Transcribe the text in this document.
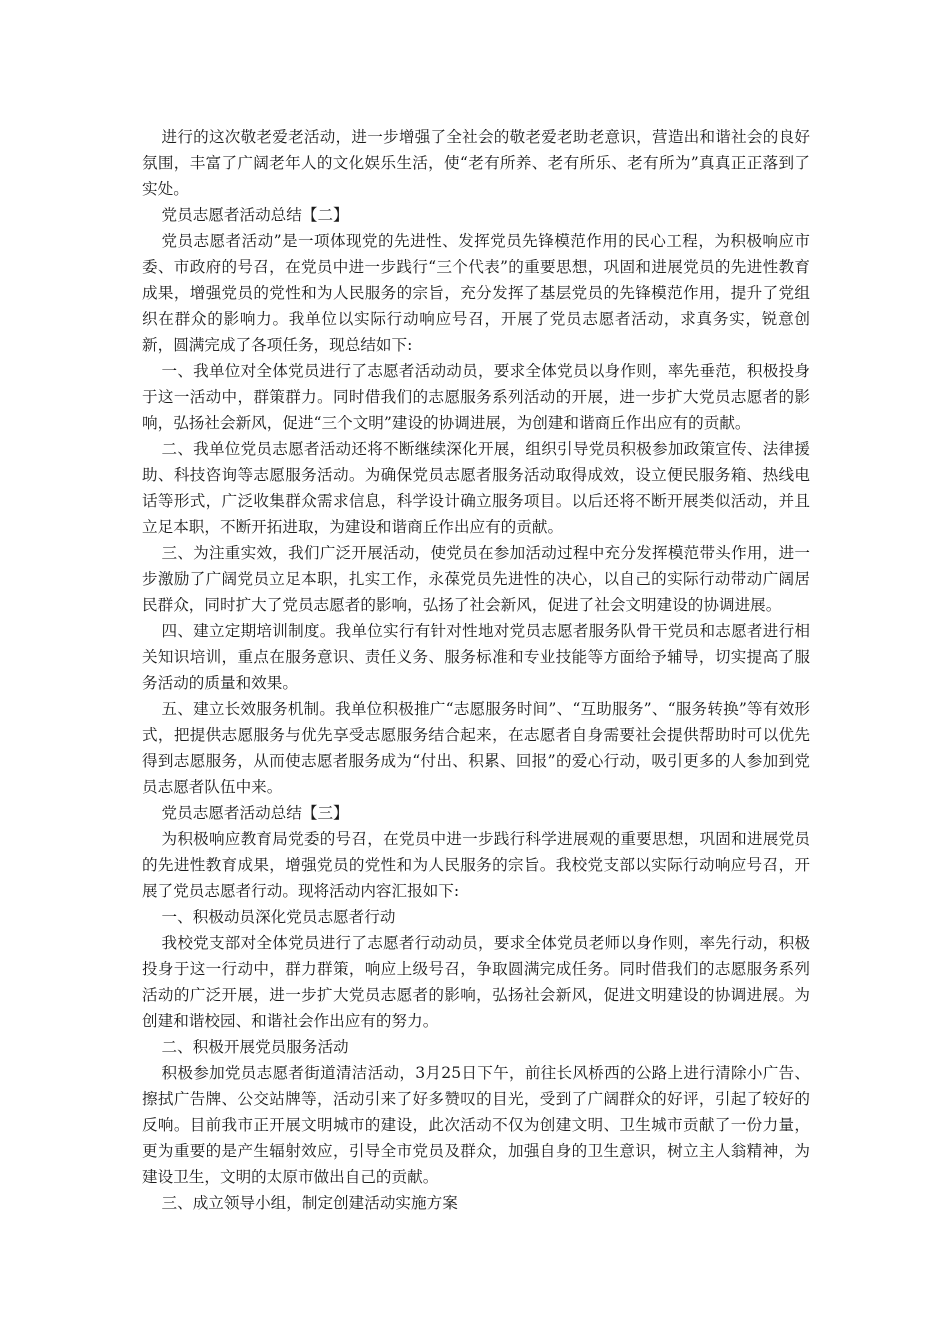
进行的这次敬老爱老活动，进一步增强了全社会的敬老爱老助老意识，营造出和谐社会的良好氛围，丰富了广阔老年人的文化娱乐生活，使“老有所养、老有所乐、老有所为”真真正正落到了实处。

党员志愿者活动总结【二】

党员志愿者活动”是一项体现党的先进性、发挥党员先锋模范作用的民心工程，为积极响应市委、市政府的号召，在党员中进一步践行“三个代表”的重要思想，巩固和进展党员的先进性教育成果，增强党员的党性和为人民服务的宗旨，充分发挥了基层党员的先锋模范作用，提升了党组织在群众的影响力。我单位以实际行动响应号召，开展了党员志愿者活动，求真务实，锐意创新，圆满完成了各项任务，现总结如下:

一、我单位对全体党员进行了志愿者活动动员，要求全体党员以身作则，率先垂范，积极投身于这一活动中，群策群力。同时借我们的志愿服务系列活动的开展，进一步扩大党员志愿者的影响，弘扬社会新风，促进“三个文明”建设的协调进展，为创建和谐商丘作出应有的贡献。

二、我单位党员志愿者活动还将不断继续深化开展，组织引导党员积极参加政策宣传、法律援助、科技咨询等志愿服务活动。为确保党员志愿者服务活动取得成效，设立便民服务箱、热线电话等形式，广泛收集群众需求信息，科学设计确立服务项目。以后还将不断开展类似活动，并且立足本职，不断开拓进取，为建设和谐商丘作出应有的贡献。

三、为注重实效，我们广泛开展活动，使党员在参加活动过程中充分发挥模范带头作用，进一步激励了广阔党员立足本职，扎实工作，永葆党员先进性的决心，以自己的实际行动带动广阔居民群众，同时扩大了党员志愿者的影响，弘扬了社会新风，促进了社会文明建设的协调进展。

四、建立定期培训制度。我单位实行有针对性地对党员志愿者服务队骨干党员和志愿者进行相关知识培训，重点在服务意识、责任义务、服务标准和专业技能等方面给予辅导，切实提高了服务活动的质量和效果。

五、建立长效服务机制。我单位积极推广“志愿服务时间”、“互助服务”、“服务转换”等有效形式，把提供志愿服务与优先享受志愿服务结合起来，在志愿者自身需要社会提供帮助时可以优先得到志愿服务，从而使志愿者服务成为“付出、积累、回报”的爱心行动，吸引更多的人参加到党员志愿者队伍中来。

党员志愿者活动总结【三】

为积极响应教育局党委的号召，在党员中进一步践行科学进展观的重要思想，巩固和进展党员的先进性教育成果，增强党员的党性和为人民服务的宗旨。我校党支部以实际行动响应号召，开展了党员志愿者行动。现将活动内容汇报如下:

一、积极动员深化党员志愿者行动

我校党支部对全体党员进行了志愿者行动动员，要求全体党员老师以身作则，率先行动，积极投身于这一行动中，群力群策，响应上级号召，争取圆满完成任务。同时借我们的志愿服务系列活动的广泛开展，进一步扩大党员志愿者的影响，弘扬社会新风，促进文明建设的协调进展。为创建和谐校园、和谐社会作出应有的努力。

二、积极开展党员服务活动

积极参加党员志愿者街道清洁活动，3月25日下午，前往长风桥西的公路上进行清除小广告、擦拭广告牌、公交站牌等，活动引来了好多赞叹的目光，受到了广阔群众的好评，引起了较好的反响。目前我市正开展文明城市的建设，此次活动不仅为创建文明、卫生城市贡献了一份力量，更为重要的是产生辐射效应，引导全市党员及群众，加强自身的卫生意识，树立主人翁精神，为建设卫生，文明的太原市做出自己的贡献。

三、成立领导小组，制定创建活动实施方案
